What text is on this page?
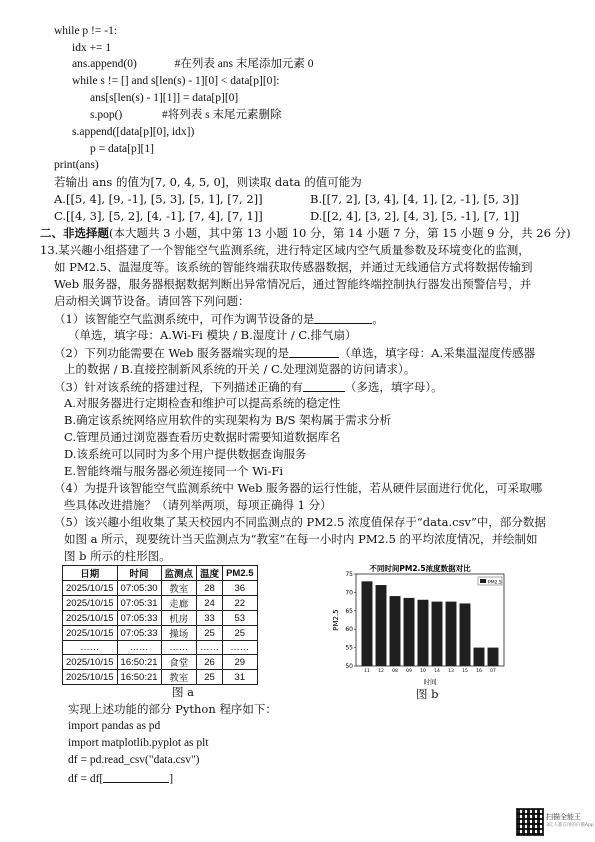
while p != -1:
idx += 1
ans.append(0)	#在列表 ans 末尾添加元素 0
while s != [] and s[len(s) - 1][0] < data[p][0]:
ans[s[len(s) - 1][1]] = data[p][0]
s.pop()	#将列表 s 末尾元素删除
s.append([data[p][0], idx])
p = data[p][1]
print(ans)
若输出 ans 的值为[7, 0, 4, 5, 0]，则读取 data 的值可能为
A.[[5, 4], [9, -1], [5, 3], [5, 1], [7, 2]]	B.[[7, 2], [3, 4], [4, 1], [2, -1], [5, 3]]
C.[[4, 3], [5, 2], [4, -1], [7, 4], [7, 1]]	D.[[2, 4], [3, 2], [4, 3], [5, -1], [7, 1]]
二、非选择题(本大题共 3 小题，其中第 13 小题 10 分，第 14 小题 7 分，第 15 小题 9 分，共 26 分)
13.某兴趣小组搭建了一个智能空气监测系统，进行特定区域内空气质量参数及环境变化的监测，
如 PM2.5、温湿度等。该系统的智能终端获取传感器数据，并通过无线通信方式将数据传输到
Web 服务器，服务器根据数据判断出异常情况后，通过智能终端控制执行器发出预警信号，并
启动相关调节设备。请回答下列问题：
（1）该智能空气监测系统中，可作为调节设备的是	。
（单选，填字母：A.Wi-Fi 模块 / B.湿度计 / C.排气扇）
（2）下列功能需要在 Web 服务器端实现的是	（单选，填字母：A.采集温湿度传感器
上的数据 / B.直接控制新风系统的开关 / C.处理浏览器的访问请求）。
（3）针对该系统的搭建过程，下列描述正确的有	（多选，填字母）。
A.对服务器进行定期检查和维护可以提高系统的稳定性
B.确定该系统网络应用软件的实现架构为 B/S 架构属于需求分析
C.管理员通过浏览器查看历史数据时需要知道数据库名
D.该系统可以同时为多个用户提供数据查询服务
E.智能终端与服务器必须连接同一个 Wi-Fi
（4）为提升该智能空气监测系统中 Web 服务器的运行性能，若从硬件层面进行优化，可采取哪
些具体改进措施？（请列举两项，每项正确得 1 分）
（5）该兴趣小组收集了某天校园内不同监测点的 PM2.5 浓度值保存于“data.csv”中，部分数据
如图 a 所示，现要统计当天监测点为“教室”在每一小时内 PM2.5 的平均浓度情况，并绘制如
图 b 所示的柱形图。
日期	时间	监测点	温度	PM2.5
2025/10/15	07:05:30	教室	28	36
2025/10/15	07:05:31	走廊	24	22
2025/10/15	07:05:33	机房	33	53
2025/10/15	07:05:33	操场	25	25
……	……	……	……	……
2025/10/15	16:50:21	食堂	26	29
2025/10/15	16:50:21	教室	25	31
图 a
不同时间PM2.5浓度数据对比
50
55
60
65
70
75
11 12 08 09 10 14 13 15 16 07
PM2.5
时间
PM2.5
图 b
实现上述功能的部分 Python 程序如下：
import pandas as pd
import matplotlib.pyplot as plt
df = pd.read_csv("data.csv")
df = df[	]
扫描全能王
3亿人都在用的扫描App
